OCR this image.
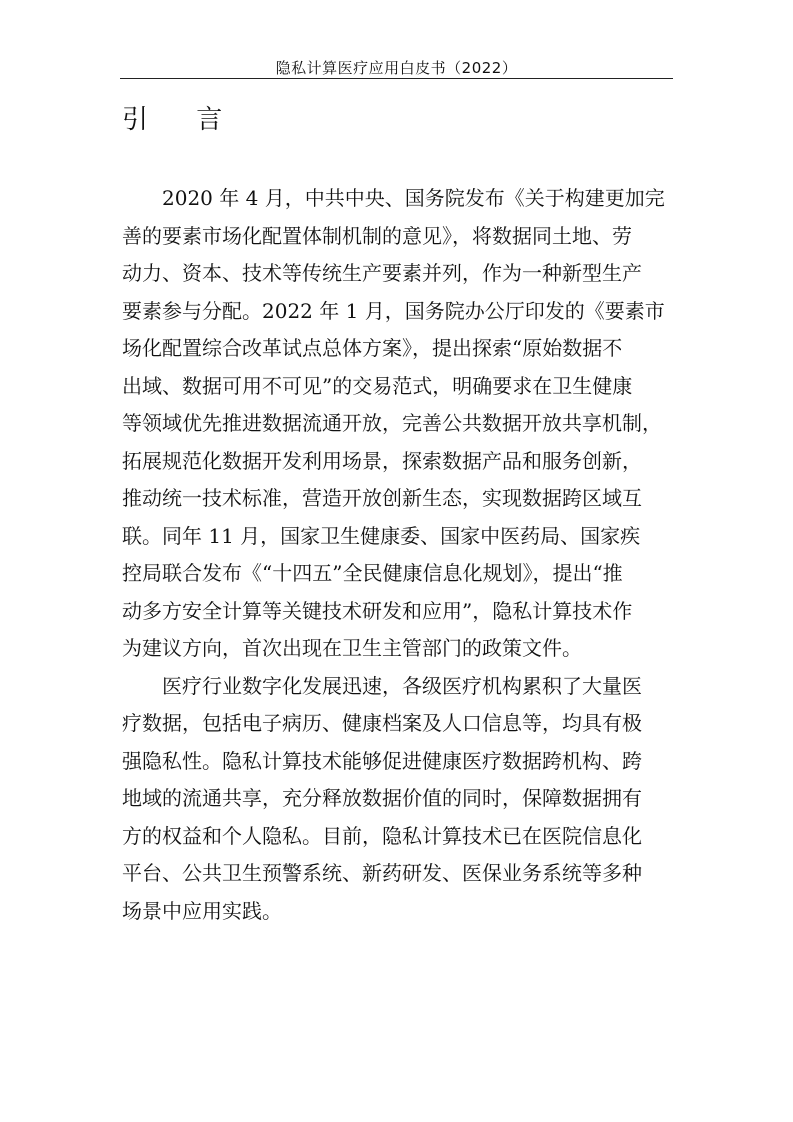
隐私计算医疗应用白皮书（2022）
引 言
2020 年 4 月，中共中央、国务院发布《关于构建更加完
善的要素市场化配置体制机制的意见》，将数据同土地、劳
动力、资本、技术等传统生产要素并列，作为一种新型生产
要素参与分配。2022 年 1 月，国务院办公厅印发的《要素市
场化配置综合改革试点总体方案》，提出探索“原始数据不
出域、数据可用不可见”的交易范式，明确要求在卫生健康
等领域优先推进数据流通开放，完善公共数据开放共享机制，
拓展规范化数据开发利用场景，探索数据产品和服务创新，
推动统一技术标准，营造开放创新生态，实现数据跨区域互
联。同年 11 月，国家卫生健康委、国家中医药局、国家疾
控局联合发布《“十四五”全民健康信息化规划》，提出“推
动多方安全计算等关键技术研发和应用”，隐私计算技术作
为建议方向，首次出现在卫生主管部门的政策文件。
医疗行业数字化发展迅速，各级医疗机构累积了大量医
疗数据，包括电子病历、健康档案及人口信息等，均具有极
强隐私性。隐私计算技术能够促进健康医疗数据跨机构、跨
地域的流通共享，充分释放数据价值的同时，保障数据拥有
方的权益和个人隐私。目前，隐私计算技术已在医院信息化
平台、公共卫生预警系统、新药研发、医保业务系统等多种
场景中应用实践。
